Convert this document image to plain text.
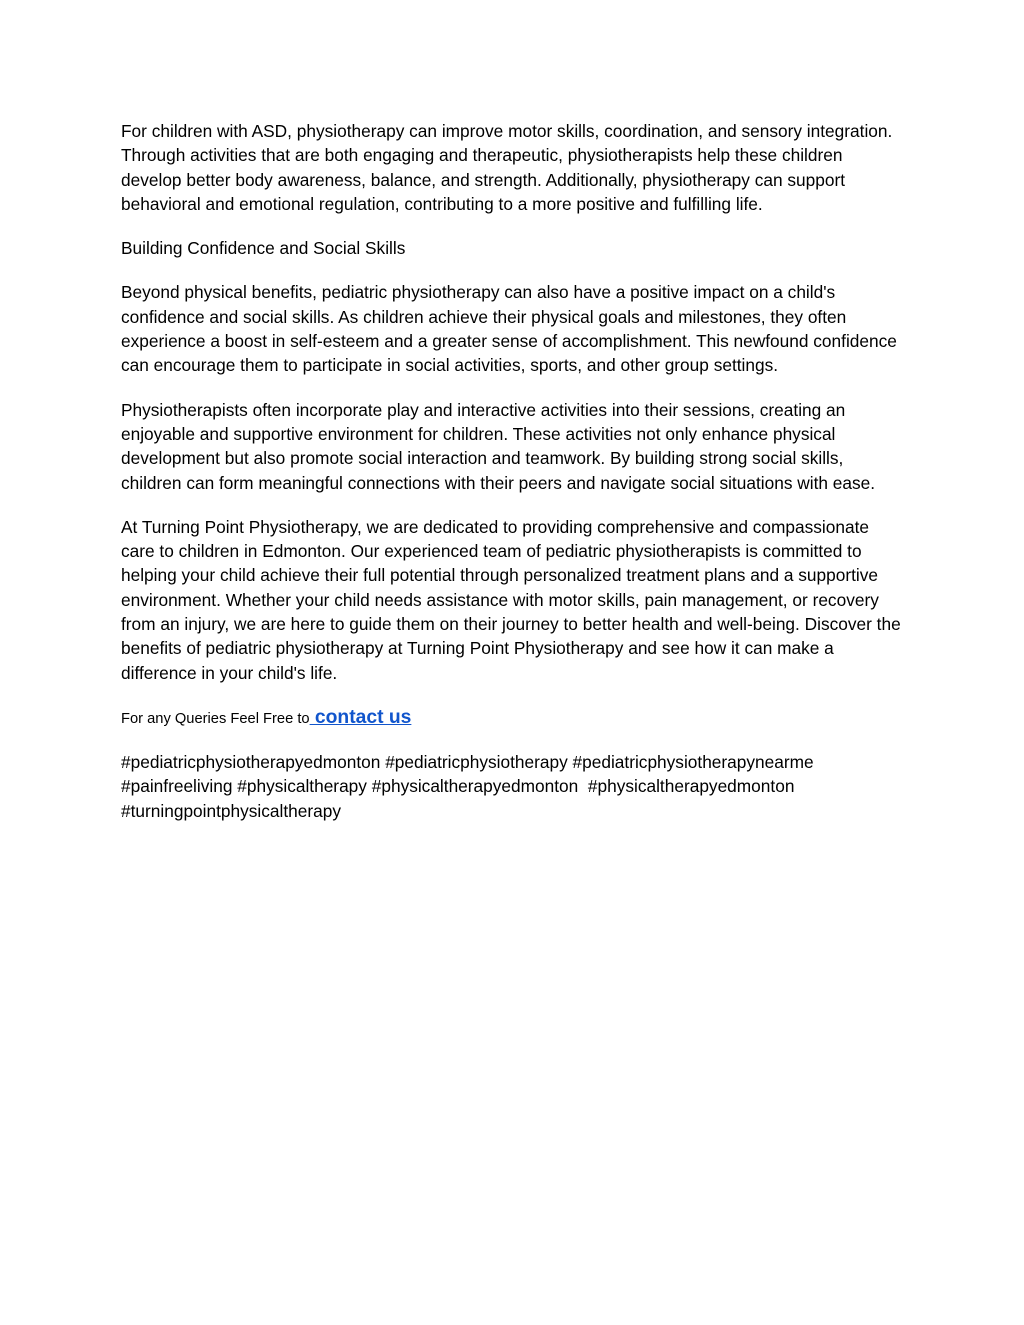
For children with ASD, physiotherapy can improve motor skills, coordination, and sensory integration. Through activities that are both engaging and therapeutic, physiotherapists help these children develop better body awareness, balance, and strength. Additionally, physiotherapy can support behavioral and emotional regulation, contributing to a more positive and fulfilling life.

Building Confidence and Social Skills

Beyond physical benefits, pediatric physiotherapy can also have a positive impact on a child's confidence and social skills. As children achieve their physical goals and milestones, they often experience a boost in self-esteem and a greater sense of accomplishment. This newfound confidence can encourage them to participate in social activities, sports, and other group settings.

Physiotherapists often incorporate play and interactive activities into their sessions, creating an enjoyable and supportive environment for children. These activities not only enhance physical development but also promote social interaction and teamwork. By building strong social skills, children can form meaningful connections with their peers and navigate social situations with ease.

At Turning Point Physiotherapy, we are dedicated to providing comprehensive and compassionate care to children in Edmonton. Our experienced team of pediatric physiotherapists is committed to helping your child achieve their full potential through personalized treatment plans and a supportive environment. Whether your child needs assistance with motor skills, pain management, or recovery from an injury, we are here to guide them on their journey to better health and well-being. Discover the benefits of pediatric physiotherapy at Turning Point Physiotherapy and see how it can make a difference in your child's life.

For any Queries Feel Free to contact us

#pediatricphysiotherapyedmonton #pediatricphysiotherapy #pediatricphysiotherapynearme #painfreeliving #physicaltherapy #physicaltherapyedmonton  #physicaltherapyedmonton #turningpointphysicaltherapy
